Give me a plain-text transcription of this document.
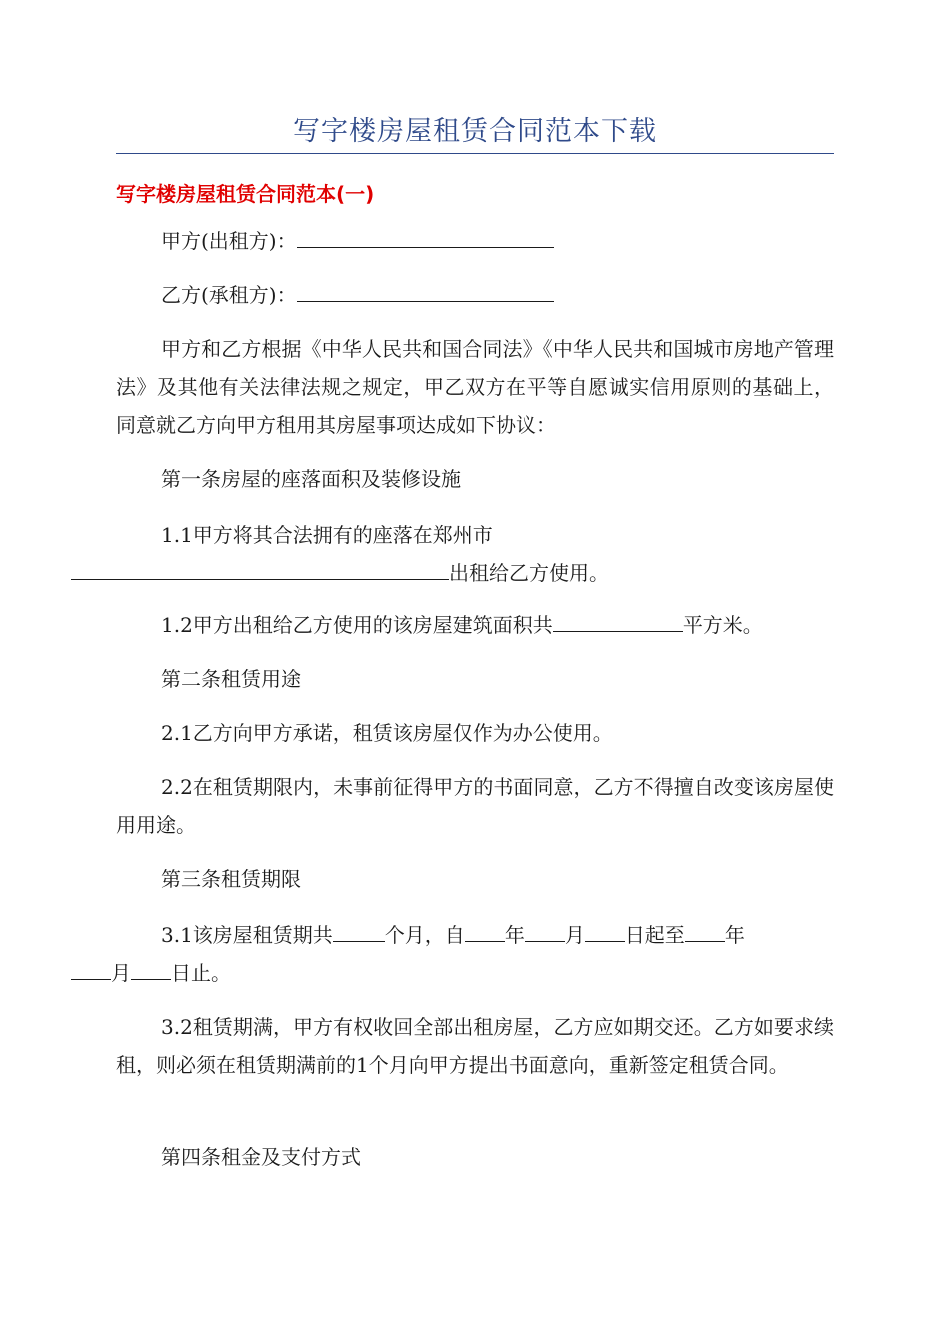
写字楼房屋租赁合同范本下载
写字楼房屋租赁合同范本(一)

甲方(出租方)：

乙方(承租方)：

甲方和乙方根据《中华人民共和国合同法》《中华人民共和国城市房地产管理法》及其他有关法律法规之规定，甲乙双方在平等自愿诚实信用原则的基础上，同意就乙方向甲方租用其房屋事项达成如下协议：

第一条房屋的座落面积及装修设施

1.1甲方将其合法拥有的座落在郑州市
出租给乙方使用。

1.2甲方出租给乙方使用的该房屋建筑面积共	平方米。

第二条租赁用途

2.1乙方向甲方承诺，租赁该房屋仅作为办公使用。

2.2在租赁期限内，未事前征得甲方的书面同意，乙方不得擅自改变该房屋使用用途。

第三条租赁期限

3.1该房屋租赁期共	个月，自 年 月 日起至 年
月 日止。

3.2租赁期满，甲方有权收回全部出租房屋，乙方应如期交还。乙方如要求续租，则必须在租赁期满前的1个月向甲方提出书面意向，重新签定租赁合同。

第四条租金及支付方式
